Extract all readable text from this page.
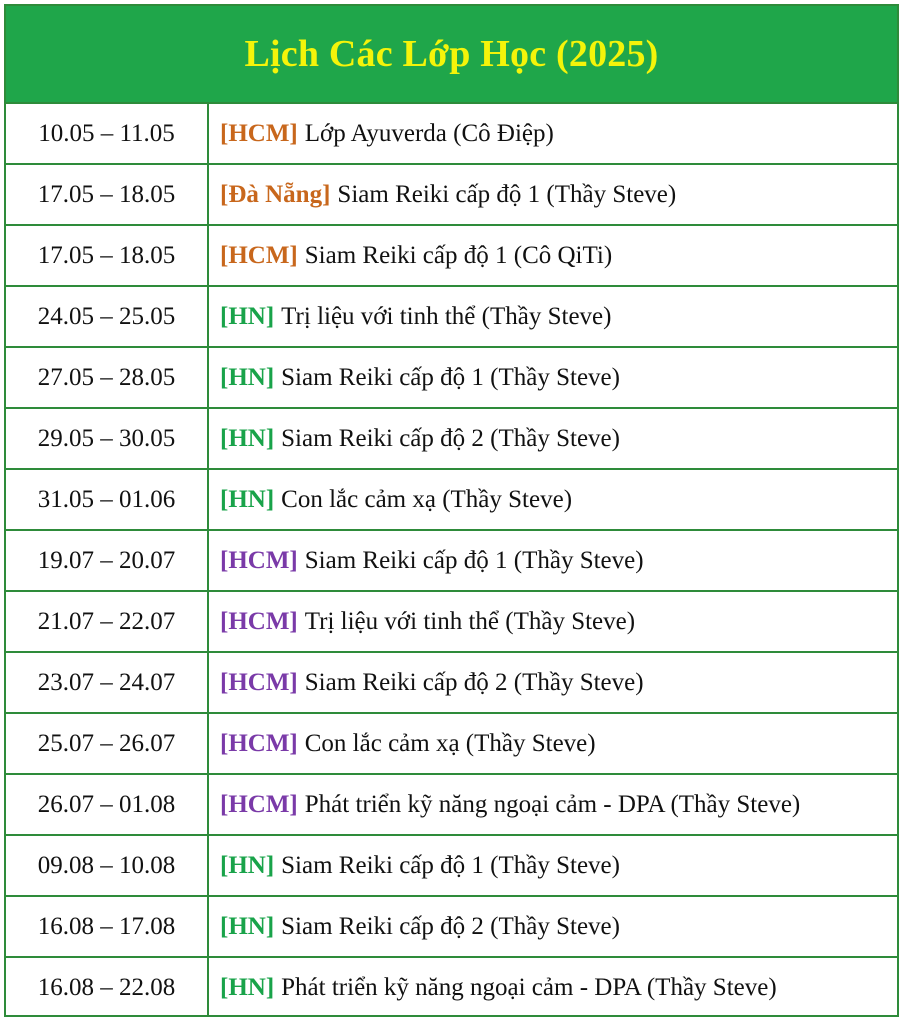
Lịch Các Lớp Học (2025)
10.05 – 11.05	[HCM] Lớp Ayuverda (Cô Điệp)
17.05 – 18.05	[Đà Nẵng] Siam Reiki cấp độ 1 (Thầy Steve)
17.05 – 18.05	[HCM] Siam Reiki cấp độ 1 (Cô QiTi)
24.05 – 25.05	[HN] Trị liệu với tinh thể (Thầy Steve)
27.05 – 28.05	[HN] Siam Reiki cấp độ 1 (Thầy Steve)
29.05 – 30.05	[HN] Siam Reiki cấp độ 2 (Thầy Steve)
31.05 – 01.06	[HN] Con lắc cảm xạ (Thầy Steve)
19.07 – 20.07	[HCM] Siam Reiki cấp độ 1 (Thầy Steve)
21.07 – 22.07	[HCM] Trị liệu với tinh thể (Thầy Steve)
23.07 – 24.07	[HCM] Siam Reiki cấp độ 2 (Thầy Steve)
25.07 – 26.07	[HCM] Con lắc cảm xạ (Thầy Steve)
26.07 – 01.08	[HCM] Phát triển kỹ năng ngoại cảm - DPA (Thầy Steve)
09.08 – 10.08	[HN] Siam Reiki cấp độ 1 (Thầy Steve)
16.08 – 17.08	[HN] Siam Reiki cấp độ 2 (Thầy Steve)
16.08 – 22.08	[HN] Phát triển kỹ năng ngoại cảm - DPA (Thầy Steve)
